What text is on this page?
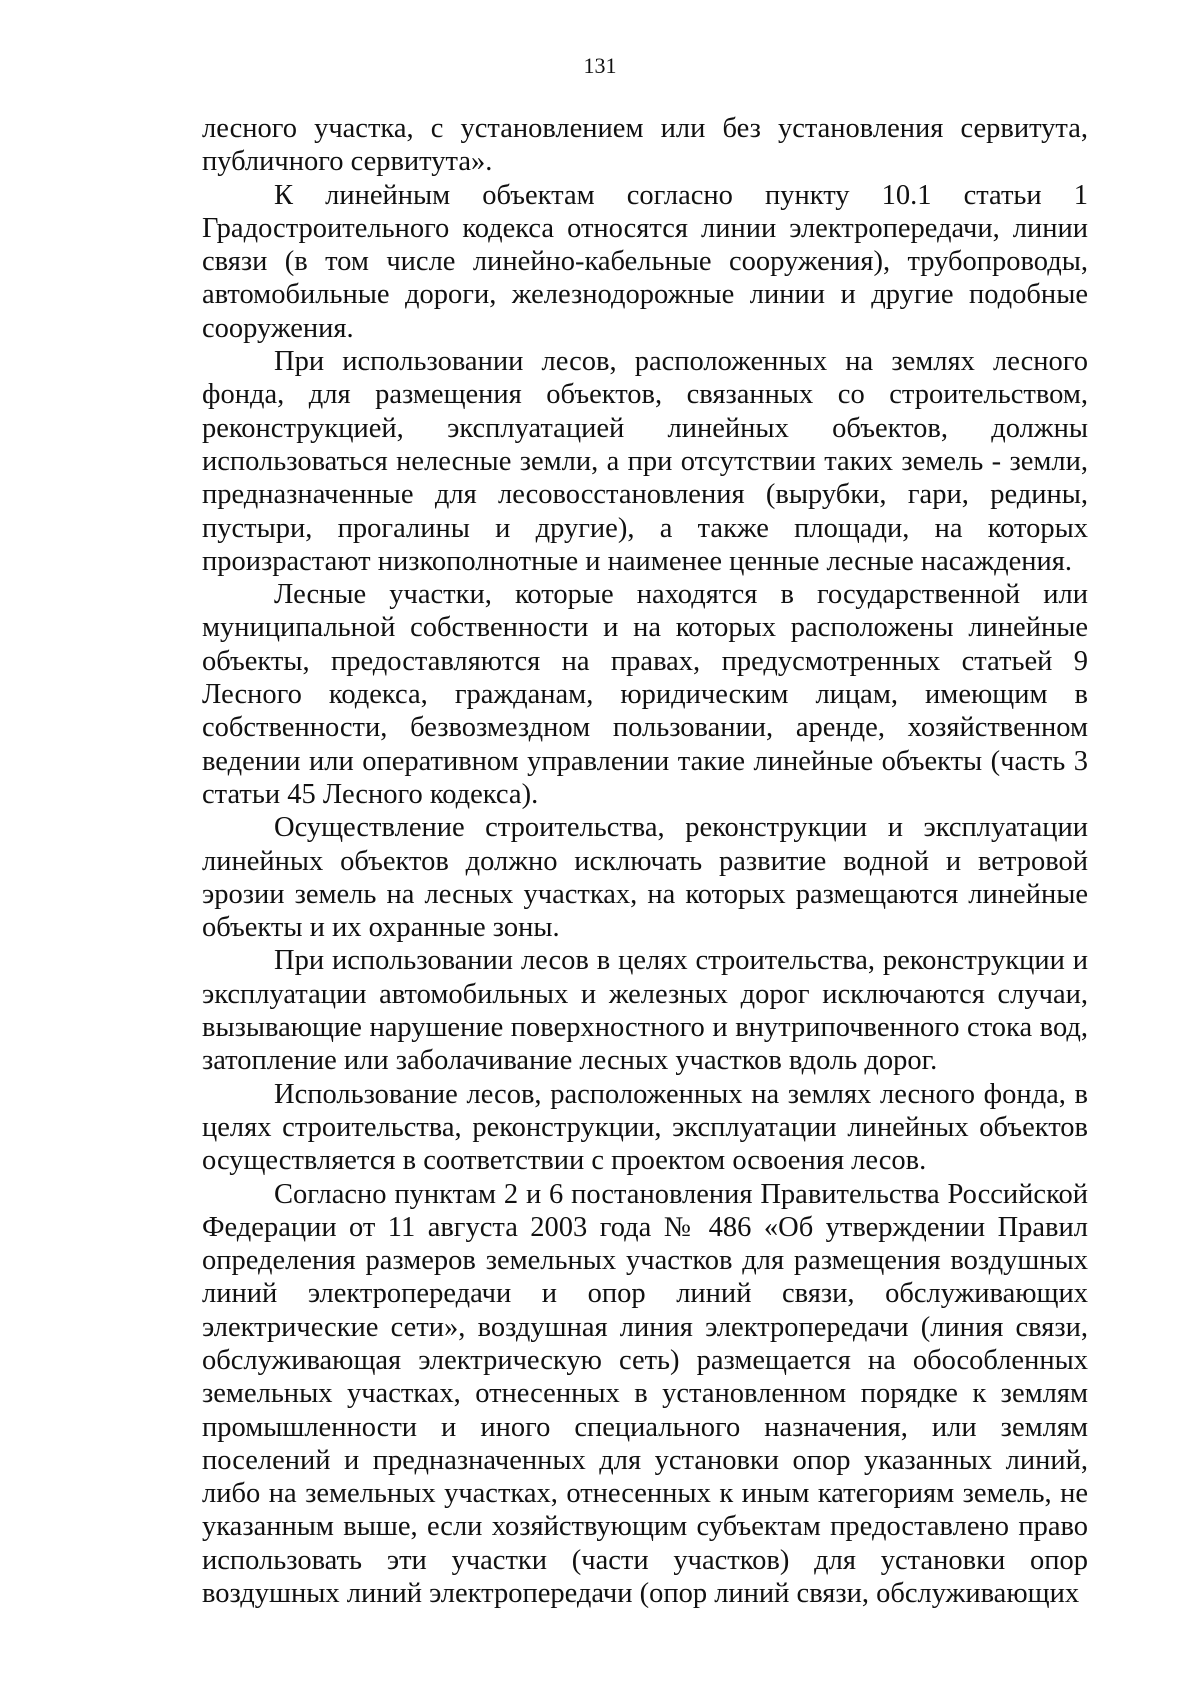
131

лесного участка, с установлением или без установления сервитута, публичного сервитута».

К линейным объектам согласно пункту 10.1 статьи 1 Градостроительного кодекса относятся линии электропередачи, линии связи (в том числе линейно-кабельные сооружения), трубопроводы, автомобильные дороги, железнодорожные линии и другие подобные сооружения.

При использовании лесов, расположенных на землях лесного фонда, для размещения объектов, связанных со строительством, реконструкцией, эксплуатацией линейных объектов, должны использоваться нелесные земли, а при отсутствии таких земель - земли, предназначенные для лесовосстановления (вырубки, гари, редины, пустыри, прогалины и другие), а также площади, на которых произрастают низкополнотные и наименее ценные лесные насаждения.

Лесные участки, которые находятся в государственной или муниципальной собственности и на которых расположены линейные объекты, предоставляются на правах, предусмотренных статьей 9 Лесного кодекса, гражданам, юридическим лицам, имеющим в собственности, безвозмездном пользовании, аренде, хозяйственном ведении или оперативном управлении такие линейные объекты (часть 3 статьи 45 Лесного кодекса).

Осуществление строительства, реконструкции и эксплуатации линейных объектов должно исключать развитие водной и ветровой эрозии земель на лесных участках, на которых размещаются линейные объекты и их охранные зоны.

При использовании лесов в целях строительства, реконструкции и эксплуатации автомобильных и железных дорог исключаются случаи, вызывающие нарушение поверхностного и внутрипочвенного стока вод, затопление или заболачивание лесных участков вдоль дорог.

Использование лесов, расположенных на землях лесного фонда, в целях строительства, реконструкции, эксплуатации линейных объектов осуществляется в соответствии с проектом освоения лесов.

Согласно пунктам 2 и 6 постановления Правительства Российской Федерации от 11 августа 2003 года № 486 «Об утверждении Правил определения размеров земельных участков для размещения воздушных линий электропередачи и опор линий связи, обслуживающих электрические сети», воздушная линия электропередачи (линия связи, обслуживающая электрическую сеть) размещается на обособленных земельных участках, отнесенных в установленном порядке к землям промышленности и иного специального назначения, или землям поселений и предназначенных для установки опор указанных линий, либо на земельных участках, отнесенных к иным категориям земель, не указанным выше, если хозяйствующим субъектам предоставлено право использовать эти участки (части участков) для установки опор воздушных линий электропередачи (опор линий связи, обслуживающих
